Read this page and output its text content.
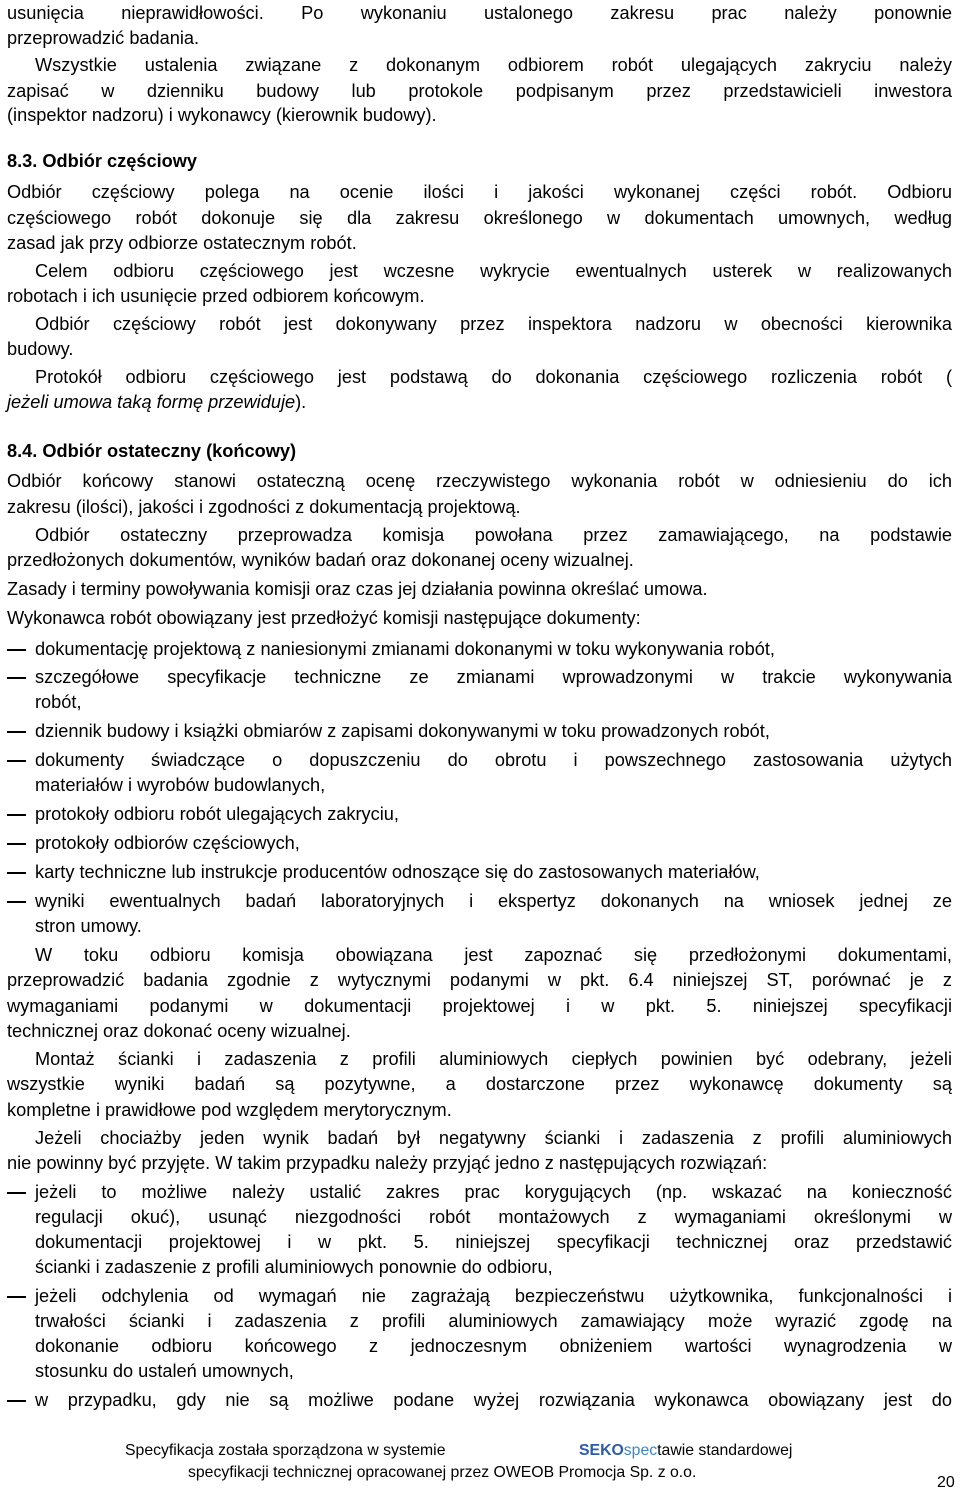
usunięcia nieprawidłowości. Po wykonaniu ustalonego zakresu prac należy ponownie
przeprowadzić badania.
Wszystkie ustalenia związane z dokonanym odbiorem robót ulegających zakryciu należy
zapisać w dzienniku budowy lub protokole podpisanym przez przedstawicieli inwestora
(inspektor nadzoru) i wykonawcy (kierownik budowy).
8.3. Odbiór częściowy
Odbiór częściowy polega na ocenie ilości i jakości wykonanej części robót. Odbioru
częściowego robót dokonuje się dla zakresu określonego w dokumentach umownych, według
zasad jak przy odbiorze ostatecznym robót.
Celem odbioru częściowego jest wczesne wykrycie ewentualnych usterek w realizowanych
robotach i ich usunięcie przed odbiorem końcowym.
Odbiór częściowy robót jest dokonywany przez inspektora nadzoru w obecności kierownika
budowy.
Protokół odbioru częściowego jest podstawą do dokonania częściowego rozliczenia robót (
jeżeli umowa taką formę przewiduje).
8.4. Odbiór ostateczny (końcowy)
Odbiór końcowy stanowi ostateczną ocenę rzeczywistego wykonania robót w odniesieniu do ich
zakresu (ilości), jakości i zgodności z dokumentacją projektową.
Odbiór ostateczny przeprowadza komisja powołana przez zamawiającego, na podstawie
przedłożonych dokumentów, wyników badań oraz dokonanej oceny wizualnej.
Zasady i terminy powoływania komisji oraz czas jej działania powinna określać umowa.
Wykonawca robót obowiązany jest przedłożyć komisji następujące dokumenty:
dokumentację projektową z naniesionymi zmianami dokonanymi w toku wykonywania robót,
szczegółowe specyfikacje techniczne ze zmianami wprowadzonymi w trakcie wykonywania
robót,
dziennik budowy i książki obmiarów z zapisami dokonywanymi w toku prowadzonych robót,
dokumenty świadczące o dopuszczeniu do obrotu i powszechnego zastosowania użytych
materiałów i wyrobów budowlanych,
protokoły odbioru robót ulegających zakryciu,
protokoły odbiorów częściowych,
karty techniczne lub instrukcje producentów odnoszące się do zastosowanych materiałów,
wyniki ewentualnych badań laboratoryjnych i ekspertyz dokonanych na wniosek jednej ze
stron umowy.
W toku odbioru komisja obowiązana jest zapoznać się przedłożonymi dokumentami,
przeprowadzić badania zgodnie z wytycznymi podanymi w pkt. 6.4 niniejszej ST, porównać je z
wymaganiami podanymi w dokumentacji projektowej i w pkt. 5. niniejszej specyfikacji
technicznej oraz dokonać oceny wizualnej.
Montaż ścianki i zadaszenia z profili aluminiowych ciepłych powinien być odebrany, jeżeli
wszystkie wyniki badań są pozytywne, a dostarczone przez wykonawcę dokumenty są
kompletne i prawidłowe pod względem merytorycznym.
Jeżeli chociażby jeden wynik badań był negatywny ścianki i zadaszenia z profili aluminiowych
nie powinny być przyjęte. W takim przypadku należy przyjąć jedno z następujących rozwiązań:
jeżeli to możliwe należy ustalić zakres prac korygujących (np. wskazać na konieczność
regulacji okuć), usunąć niezgodności robót montażowych z wymaganiami określonymi w
dokumentacji projektowej i w pkt. 5. niniejszej specyfikacji technicznej oraz przedstawić
ścianki i zadaszenie z profili aluminiowych ponownie do odbioru,
jeżeli odchylenia od wymagań nie zagrażają bezpieczeństwu użytkownika, funkcjonalności i
trwałości ścianki i zadaszenia z profili aluminiowych zamawiający może wyrazić zgodę na
dokonanie odbioru końcowego z jednoczesnym obniżeniem wartości wynagrodzenia w
stosunku do ustaleń umownych,
w przypadku, gdy nie są możliwe podane wyżej rozwiązania wykonawca obowiązany jest do
Specyfikacja została sporządzona w systemie	SEKOspectawie standardowej
specyfikacji technicznej opracowanej przez OWEOB Promocja Sp. z o.o.
20
